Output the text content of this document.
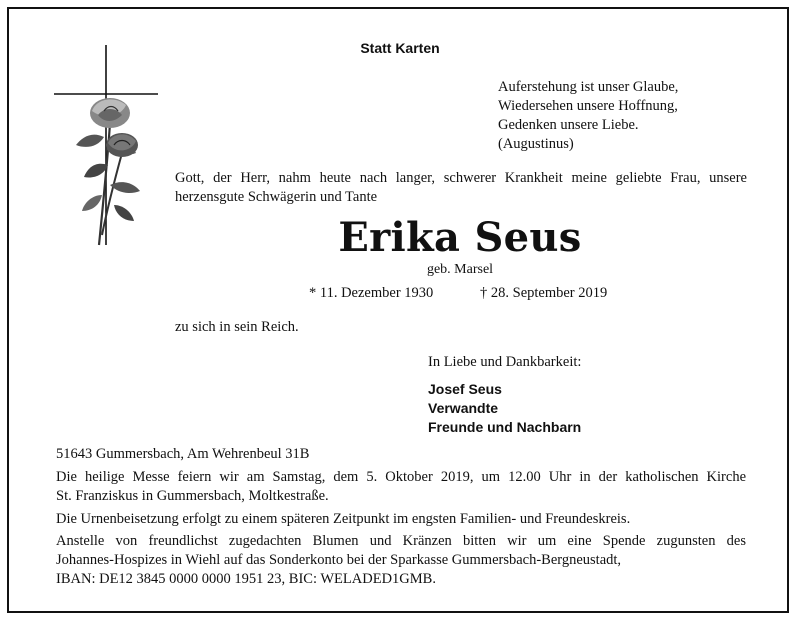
Statt Karten
Auferstehung ist unser Glaube,
Wiedersehen unsere Hoffnung,
Gedenken unsere Liebe.
(Augustinus)
Gott, der Herr, nahm heute nach langer, schwerer Krankheit meine geliebte Frau, unsere
herzensgute Schwägerin und Tante
Erika Seus
geb. Marsel
* 11. Dezember 1930	† 28. September 2019
zu sich in sein Reich.
In Liebe und Dankbarkeit:
Josef Seus
Verwandte
Freunde und Nachbarn
51643 Gummersbach, Am Wehrenbeul 31B
Die heilige Messe feiern wir am Samstag, dem 5. Oktober 2019, um 12.00 Uhr in der katholischen Kirche
St. Franziskus in Gummersbach, Moltkestraße.
Die Urnenbeisetzung erfolgt zu einem späteren Zeitpunkt im engsten Familien- und Freundeskreis.
Anstelle von freundlichst zugedachten Blumen und Kränzen bitten wir um eine Spende zugunsten des
Johannes-Hospizes in Wiehl auf das Sonderkonto bei der Sparkasse Gummersbach-Bergneustadt,
IBAN: DE12 3845 0000 0000 1951 23, BIC: WELADED1GMB.
